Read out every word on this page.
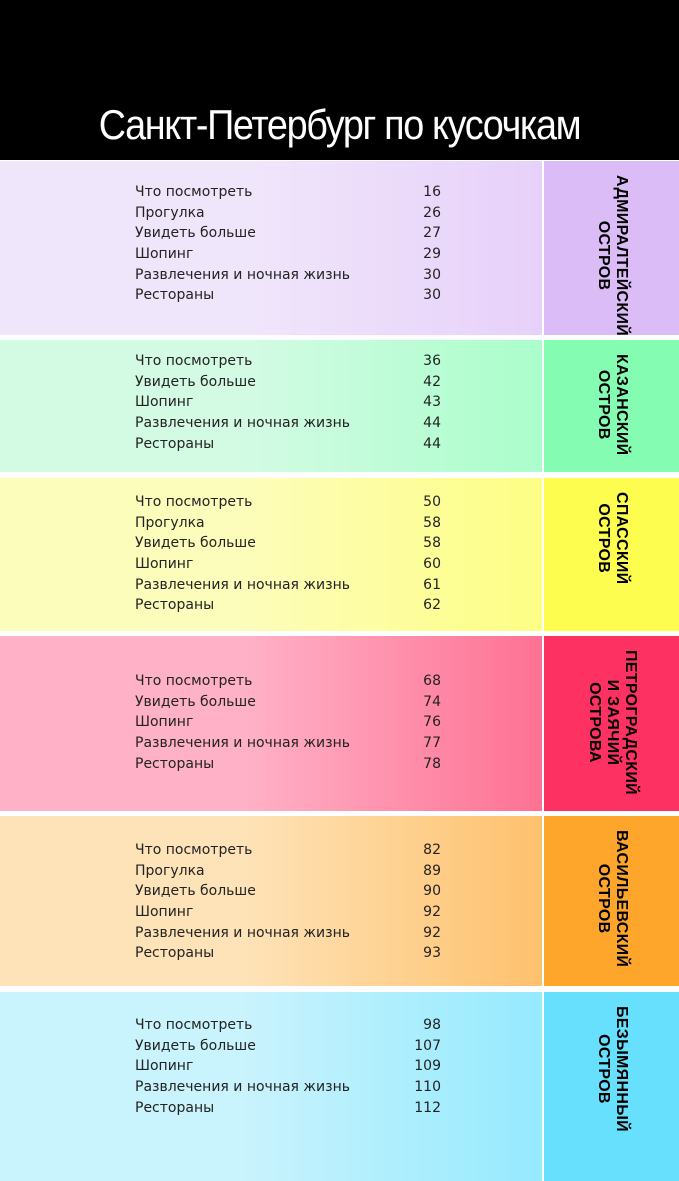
Санкт-Петербург по кусочкам
Что посмотреть	16
Прогулка	26
Увидеть больше	27
Шопинг	29
Развлечения и ночная жизнь	30
Рестораны	30	АДМИРАЛТЕЙСКИЙ
ОСТРОВ
Что посмотреть	36
Увидеть больше	42
Шопинг	43
Развлечения и ночная жизнь	44
Рестораны	44	КАЗАНСКИЙ
ОСТРОВ
Что посмотреть	50
Прогулка	58
Увидеть больше	58
Шопинг	60
Развлечения и ночная жизнь	61
Рестораны	62
СПАССКИЙ
ОСТРОВ
Что посмотреть	68
Увидеть больше	74
Шопинг	76
Развлечения и ночная жизнь	77
Рестораны	78	ПЕТРОГРАДСКИЙ
И ЗАЯЧИЙ
ОСТРОВА
Что посмотреть	82
Прогулка	89
Увидеть больше	90
Шопинг	92
Развлечения и ночная жизнь	92
Рестораны	93	ВАСИЛЬЕВСКИЙ
ОСТРОВ
Что посмотреть	98
Увидеть больше	107
Шопинг	109
Развлечения и ночная жизнь	110
Рестораны	112	БЕЗЫМЯННЫЙ
ОСТРОВ
